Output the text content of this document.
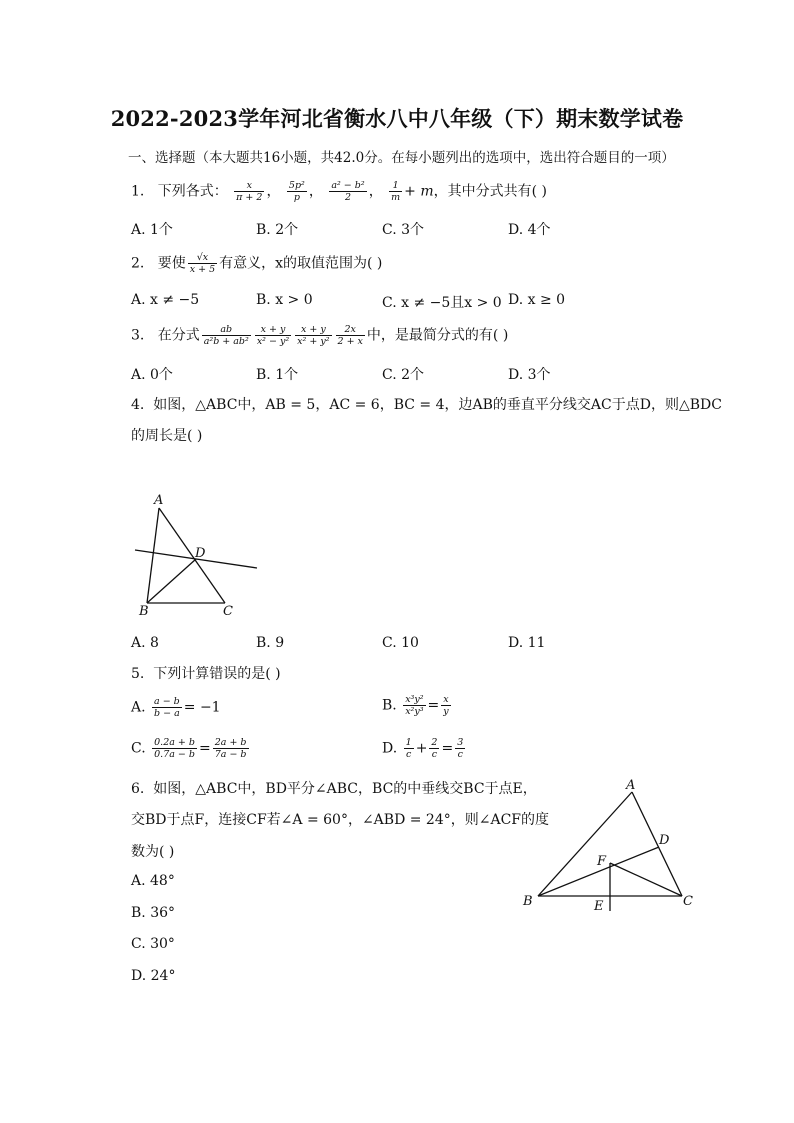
2022-2023学年河北省衡水八中八年级（下）期末数学试卷
一、选择题（本大题共16小题，共42.0分。在每小题列出的选项中，选出符合题目的一项）
1. 下列各式： $\frac{x}{\pi + 2}$ ， $\frac{\text{5p²}}{p}$ ， $\frac{\text{a² − b²}}{2}$ ， $\frac{1}{m} + m$，其中分式共有( )
A. 1个	B. 2个	C. 3个	D. 4个
2. 要使 $\frac{√x}{x + 5}$ 有意义，x的取值范围为( )
A. x ≠ −5	B. x > 0	C. x ≠ −5且x > 0 D. x ≥ 0
3. 在分式 $\frac{ab}{\text{a²b + ab²}} \frac{x + y}{\text{x² − y²}} \frac{x + y}{\text{x² + y²}} \frac{2x}{2 + x}$ 中，是最简分式的有( )
A. 0个	B. 1个	C. 2个	D. 3个
4. 如图，△ABC中，AB = 5，AC = 6，BC = 4，边AB的垂直平分线交AC于点D，则△BDC
的周长是( )
A
D
B	C
A. 8	B. 9	C. 10	D. 11
5. 下列计算错误的是( )
A. $\frac{a - b}{b - a} = -1$	B. $\frac{\text{x³y²}}{\text{x²y³}} = \frac{x}{y}$
C. $\frac{0.2a + b}{0.7a - b} = \frac{2a + b}{7a - b}$	D. $\frac{1}{c} + \frac{2}{c} = \frac{3}{c}$
6. 如图，△ABC中，BD平分∠ABC，BC的中垂线交BC于点E，
交BD于点F，连接CF若∠A = 60°，∠ABD = 24°，则∠ACF的度
数为( )
A. 48°
B. 36°
C. 30°
D. 24°
A
D
F
B	E	C
